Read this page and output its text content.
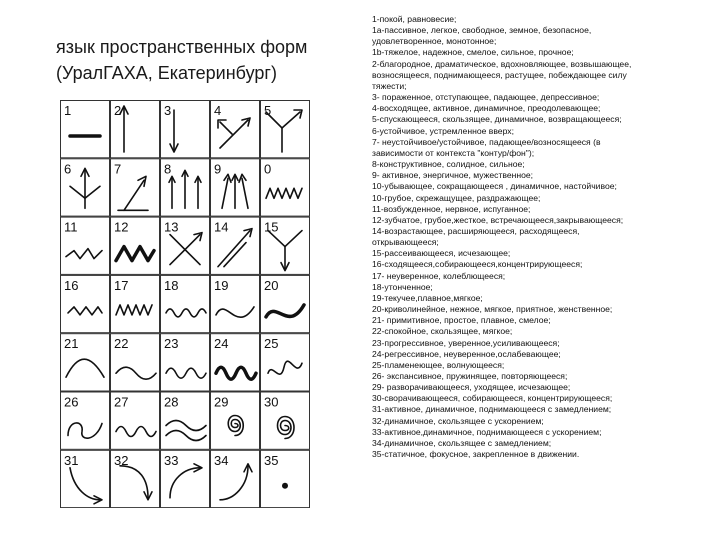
язык пространственных форм
(УралГАХА, Екатеринбург)
1	2	3	4	5
6	7	8	9	0
11	12	13	14	15
16	17	18	19	20
21	22	23	24	25
26	27	28	29	30
31	32	33	34	35
1-покой, равновесие;
1а-пассивное, легкое, свободное, земное, безопасное,
удовлетворенное, монотонное;
1b-тяжелое, надежное, смелое, сильное, прочное;
2-благородное, драматическое, вдохновляющее, возвышающее,
возносящееся, поднимающееся, растущее, побеждающее силу
тяжести;
3- пораженное, отступающее, падающее, депрессивное;
4-восходящее, активное, динамичное, преодолевающее;
5-спускающееся, скользящее, динамичное, возвращающееся;
6-устойчивое, устремленное вверх;
7- неустойчивое/устойчивое, падающее/возносящееся (в
зависимости от контекста "контур/фон");
8-конструктивное, солидное, сильное;
9- активное, энергичное, мужественное;
10-убывающее, сокращающееся , динамичное, настойчивое;
10-грубое, скрежащущее, раздражающее;
11-возбужденное, нервное, испуганное;
12-зубчатое, грубое,жесткое, встречающееся,закрывающееся;
14-возрастающее, расширяющееся, расходящееся,
открывающееся;
15-рассеивающееся, исчезающее;
16-сходящееся,собирающееся,концентрирующееся;
17- неуверенное, колеблющееся;
18-утонченное;
19-текучее,плавное,мягкое;
20-криволинейное, нежное, мягкое, приятное, женственное;
21- примитивное, простое, плавное, смелое;
22-спокойное, скользящее, мягкое;
23-прогрессивное, уверенное,усиливающееся;
24-регрессивное, неуверенное,ослабевающее;
25-пламенеющее, волнующееся;
26- экспансивное, пружинящее, повторяющееся;
29- разворачивающееся, уходящее, исчезающее;
30-сворачивающееся, собирающееся, концентрирующееся;
31-активное, динамичное, поднимающееся с замедлением;
32-динамичное, скользящее с ускорением;
33-активное,динамичное, поднимающееся с ускорением;
34-динамичное, скользящее с замедлением;
35-статичное, фокусное, закрепленное в движении.
